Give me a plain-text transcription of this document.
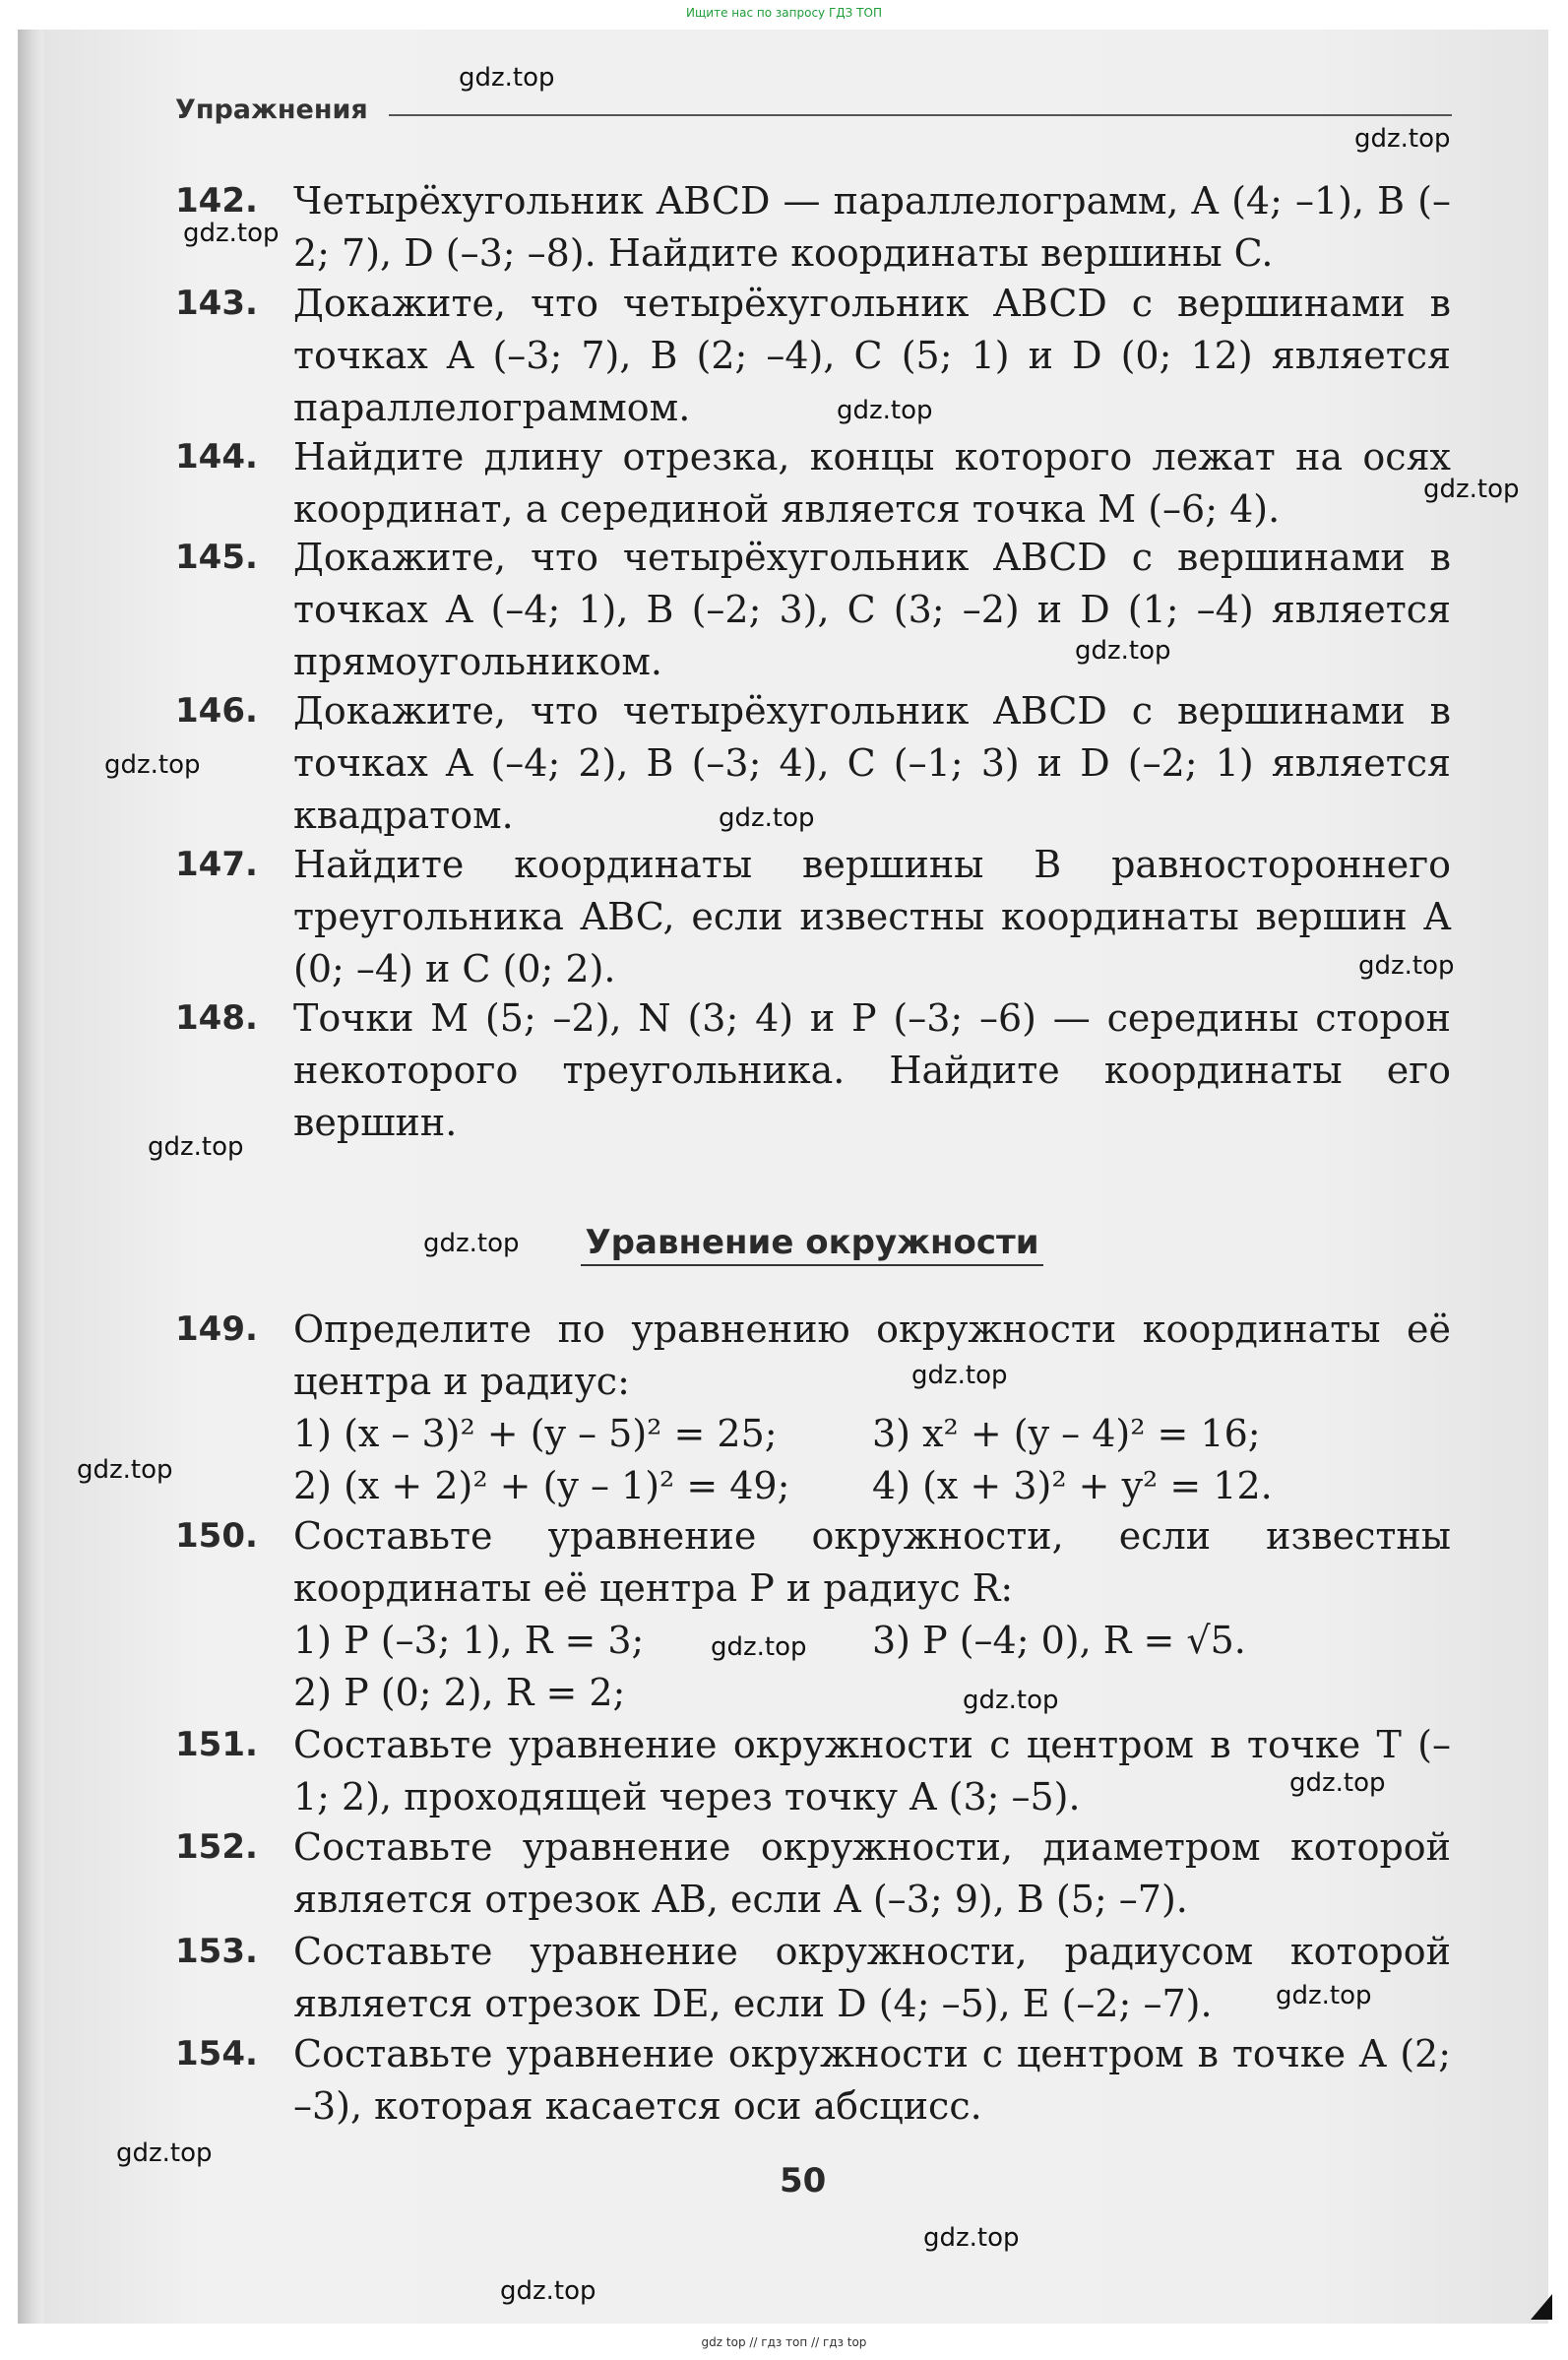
Ищите нас по запросу ГДЗ ТОП
Упражнения
142. Четырёхугольник ABCD — параллелограмм, A (4; –1), B (–2; 7), D (–3; –8). Найдите координаты вершины C.
143. Докажите, что четырёхугольник ABCD с вершинами в точках A (–3; 7), B (2; –4), C (5; 1) и D (0; 12) является параллелограммом.
144. Найдите длину отрезка, концы которого лежат на осях координат, а серединой является точка M (–6; 4).
145. Докажите, что четырёхугольник ABCD с вершинами в точках A (–4; 1), B (–2; 3), C (3; –2) и D (1; –4) является прямоугольником.
146. Докажите, что четырёхугольник ABCD с вершинами в точках A (–4; 2), B (–3; 4), C (–1; 3) и D (–2; 1) является квадратом.
147. Найдите координаты вершины B равностороннего треугольника ABC, если известны координаты вершин A (0; –4) и C (0; 2).
148. Точки M (5; –2), N (3; 4) и P (–3; –6) — середины сторон некоторого треугольника. Найдите координаты его вершин.
Уравнение окружности
149. Определите по уравнению окружности координаты её центра и радиус:
1) (x – 3)² + (y – 5)² = 25;	3) x² + (y – 4)² = 16;
2) (x + 2)² + (y – 1)² = 49;	4) (x + 3)² + y² = 12.
150. Составьте уравнение окружности, если известны координаты её центра P и радиус R:
1) P (–3; 1), R = 3;	3) P (–4; 0), R = √5.
2) P (0; 2), R = 2;
151. Составьте уравнение окружности с центром в точке T (–1; 2), проходящей через точку A (3; –5).
152. Составьте уравнение окружности, диаметром которой является отрезок AB, если A (–3; 9), B (5; –7).
153. Составьте уравнение окружности, радиусом которой является отрезок DE, если D (4; –5), E (–2; –7).
154. Составьте уравнение окружности с центром в точке A (2; –3), которая касается оси абсцисс.
50
gdz.top
gdz.top
gdz.top
gdz.top
gdz.top
gdz.top
gdz.top
gdz.top
gdz.top
gdz.top
gdz.top
gdz.top
gdz.top
gdz.top
gdz.top
gdz.top
gdz.top
gdz.top
gdz.top
gdz.top
gdz top // гдз топ // гдз top
